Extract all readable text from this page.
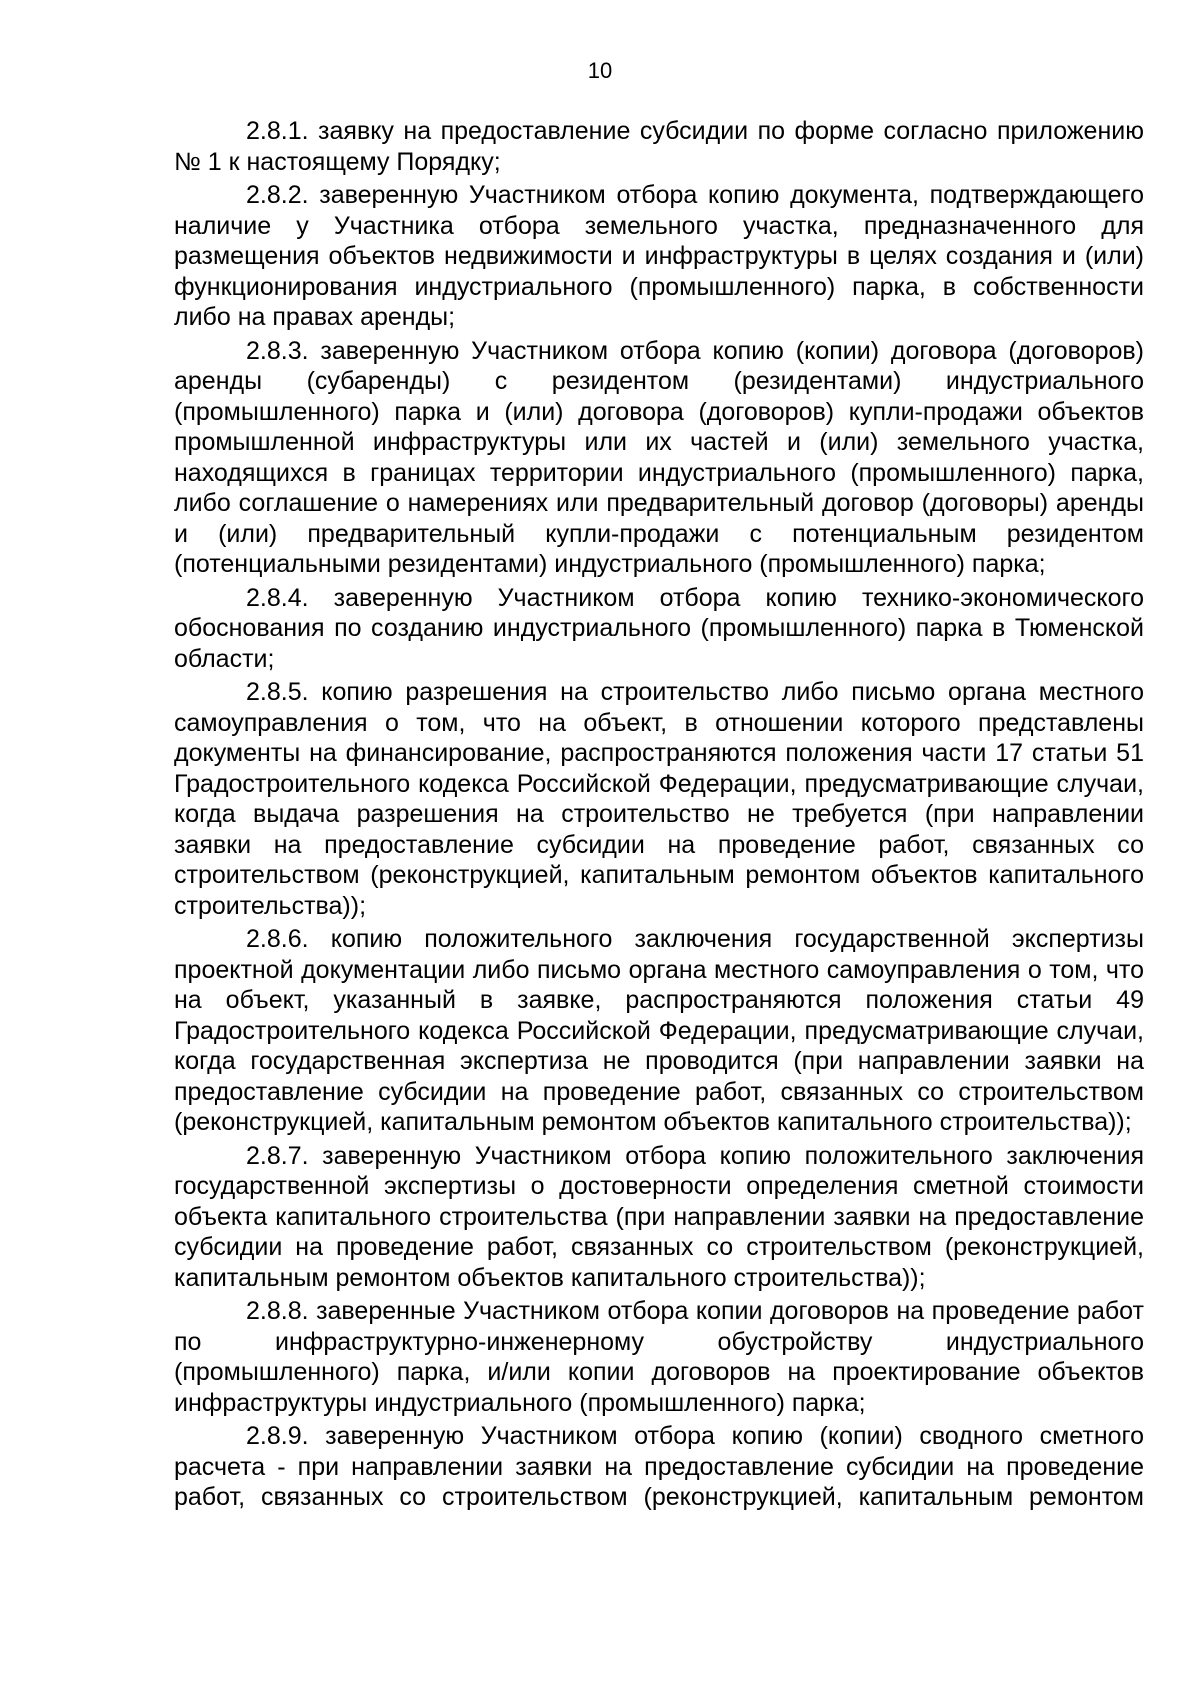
10

2.8.1. заявку на предоставление субсидии по форме согласно приложению № 1 к настоящему Порядку;

2.8.2. заверенную Участником отбора копию документа, подтверждающего наличие у Участника отбора земельного участка, предназначенного для размещения объектов недвижимости и инфраструктуры в целях создания и (или) функционирования индустриального (промышленного) парка, в собственности либо на правах аренды;

2.8.3. заверенную Участником отбора копию (копии) договора (договоров) аренды (субаренды) с резидентом (резидентами) индустриального (промышленного) парка и (или) договора (договоров) купли-продажи объектов промышленной инфраструктуры или их частей и (или) земельного участка, находящихся в границах территории индустриального (промышленного) парка, либо соглашение о намерениях или предварительный договор (договоры) аренды и (или) предварительный купли-продажи с потенциальным резидентом (потенциальными резидентами) индустриального (промышленного) парка;

2.8.4. заверенную Участником отбора копию технико-экономического обоснования по созданию индустриального (промышленного) парка в Тюменской области;

2.8.5. копию разрешения на строительство либо письмо органа местного самоуправления о том, что на объект, в отношении которого представлены документы на финансирование, распространяются положения части 17 статьи 51 Градостроительного кодекса Российской Федерации, предусматривающие случаи, когда выдача разрешения на строительство не требуется (при направлении заявки на предоставление субсидии на проведение работ, связанных со строительством (реконструкцией, капитальным ремонтом объектов капитального строительства));

2.8.6. копию положительного заключения государственной экспертизы проектной документации либо письмо органа местного самоуправления о том, что на объект, указанный в заявке, распространяются положения статьи 49 Градостроительного кодекса Российской Федерации, предусматривающие случаи, когда государственная экспертиза не проводится (при направлении заявки на предоставление субсидии на проведение работ, связанных со строительством (реконструкцией, капитальным ремонтом объектов капитального строительства));

2.8.7. заверенную Участником отбора копию положительного заключения государственной экспертизы о достоверности определения сметной стоимости объекта капитального строительства (при направлении заявки на предоставление субсидии на проведение работ, связанных со строительством (реконструкцией, капитальным ремонтом объектов капитального строительства));

2.8.8. заверенные Участником отбора копии договоров на проведение работ по инфраструктурно-инженерному обустройству индустриального (промышленного) парка, и/или копии договоров на проектирование объектов инфраструктуры индустриального (промышленного) парка;

2.8.9. заверенную Участником отбора копию (копии) сводного сметного расчета - при направлении заявки на предоставление субсидии на проведение работ, связанных со строительством (реконструкцией, капитальным ремонтом
